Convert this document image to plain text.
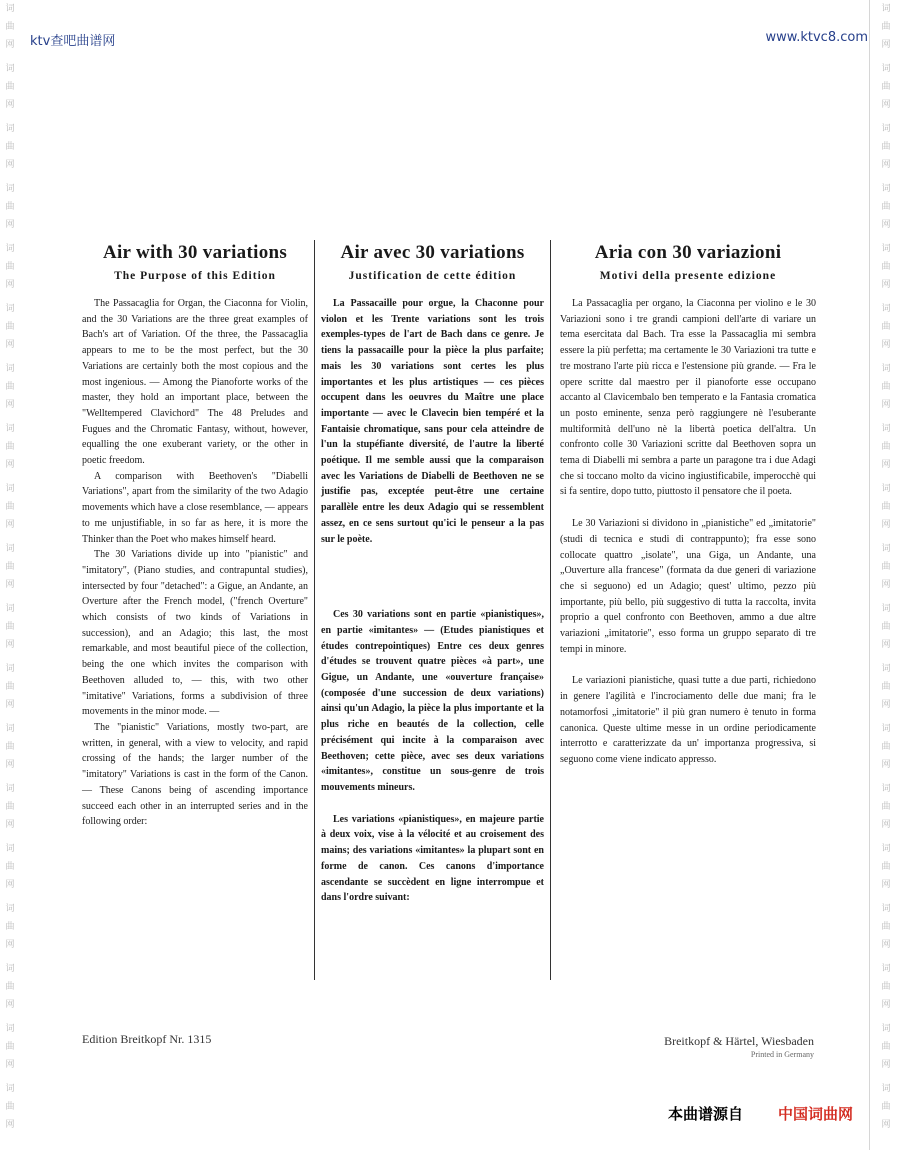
词
曲
网
词
曲
网
词
曲
网
词
曲
网
词
曲
网
词
曲
网
词
曲
网
词
曲
网
词
曲
网
词
曲
网
词
曲
网
词
曲
网
词
曲
网
词
曲
网
词
曲
网
词
曲
网
词
曲
网
词
曲
网
词
曲
网
词
曲
网
词
曲
网
词
曲
网
词
曲
网
词
曲
网
词
曲
网
词
曲
网
词
曲
网
词
曲
网
词
曲
网
词
曲
网
词
曲
网
词
曲
网
词
曲
网
词
曲
网
词
曲
网
词
曲
网
词
曲
网
词
曲
网
ktv查吧曲谱网	www.ktvc8.com
Air with 30 variations
The Purpose of this Edition

The Passacaglia for Organ, the Ciaconna for Violin, and the 30 Variations are the three great examples of Bach's art of Variation. Of the three, the Passacaglia appears to me to be the most perfect, but the 30 Variations are certainly both the most copious and the most ingenious. — Among the Pianoforte works of the master, they hold an important place, between the "Welltempered Clavichord" The 48 Preludes and Fugues and the Chromatic Fantasy, without, however, equalling the one exuberant variety, or the other in poetic freedom.

A comparison with Beethoven's "Diabelli Variations", apart from the similarity of the two Adagio movements which have a close resemblance, — appears to me unjustifiable, in so far as here, it is more the Thinker than the Poet who makes himself heard.

The 30 Variations divide up into "pianistic" and "imitatory", (Piano studies, and contrapuntal studies), intersected by four "detached": a Gigue, an Andante, an Overture after the French model, ("french Overture" which consists of two kinds of Variations in succession), and an Adagio; this last, the most remarkable, and most beautiful piece of the collection, being the one which invites the comparison with Beethoven alluded to, — this, with two other "imitative" Variations, forms a subdivision of three movements in the minor mode. —

The "pianistic" Variations, mostly two-part, are written, in general, with a view to velocity, and rapid crossing of the hands; the larger number of the "imitatory" Variations is cast in the form of the Canon. — These Canons being of ascending importance succeed each other in an interrupted series and in the following order:

Air avec 30 variations
Justification de cette édition

La Passacaille pour orgue, la Chaconne pour violon et les Trente variations sont les trois exemples-types de l'art de Bach dans ce genre. Je tiens la passacaille pour la pièce la plus parfaite; mais les 30 variations sont certes les plus importantes et les plus artistiques — ces pièces occupent dans les oeuvres du Maître une place importante — avec le Clavecin bien tempéré et la Fantaisie chromatique, sans pour cela atteindre de l'un la stupéfiante diversité, de l'autre la liberté poétique. Il me semble aussi que la comparaison avec les Variations de Diabelli de Beethoven ne se justifie pas, exceptée peut-être une certaine parallèle entre les deux Adagio qui se ressemblent assez, en ce sens surtout qu'ici le penseur a la pas sur le poète.

Ces 30 variations sont en partie «pianistiques», en partie «imitantes» — (Etudes pianistiques et études contrepointiques) Entre ces deux genres d'études se trouvent quatre pièces «à part», une Gigue, un Andante, une «ouverture française» (composée d'une succession de deux variations) ainsi qu'un Adagio, la pièce la plus importante et la plus riche en beautés de la collection, celle précisément qui incite à la comparaison avec Beethoven; cette pièce, avec ses deux variations «imitantes», constitue un sous-genre de trois mouvements mineurs.

Les variations «pianistiques», en majeure partie à deux voix, vise à la vélocité et au croisement des mains; des variations «imitantes» la plupart sont en forme de canon. Ces canons d'importance ascendante se succèdent en ligne interrompue et dans l'ordre suivant:

Aria con 30 variazioni
Motivi della presente edizione

La Passacaglia per organo, la Ciaconna per violino e le 30 Variazioni sono i tre grandi campioni dell'arte di variare un tema esercitata dal Bach. Tra esse la Passacaglia mi sembra essere la più perfetta; ma certamente le 30 Variazioni tra tutte e tre mostrano l'arte più ricca e l'estensione più grande. — Fra le opere scritte dal maestro per il pianoforte esse occupano accanto al Clavicembalo ben temperato e la Fantasia cromatica un posto eminente, senza però raggiungere nè l'esuberante multiformità dell'uno nè la libertà poetica dell'altra. Un confronto colle 30 Variazioni scritte dal Beethoven sopra un tema di Diabelli mi sembra a parte un paragone tra i due Adagi che si toccano molto da vicino ingiustificabile, imperocchè qui si fa sentire, dopo tutto, piuttosto il pensatore che il poeta.

Le 30 Variazioni si dividono in „pianistiche" ed „imitatorie" (studi di tecnica e studi di contrappunto); fra esse sono collocate quattro „isolate", una Giga, un Andante, una „Ouverture alla francese" (formata da due generi di variazione che si seguono) ed un Adagio; quest' ultimo, pezzo più importante, più bello, più suggestivo di tutta la raccolta, invita proprio a quel confronto con Beethoven, ammo a due altre variazioni „imitatorie", esso forma un gruppo separato di tre tempi in minore.

Le variazioni pianistiche, quasi tutte a due parti, richiedono in genere l'agilità e l'incrociamento delle due mani; fra le notamorfosi „imitatorie" il più gran numero è tenuto in forma canonica. Queste ultime messe in un ordine periodicamente interrotto e caratterizzate da un' importanza progressiva, si seguono come viene indicato appresso.

Edition Breitkopf Nr. 1315	Breitkopf & Härtel, Wiesbaden
Printed in Germany
本曲谱源自 中国词曲网
